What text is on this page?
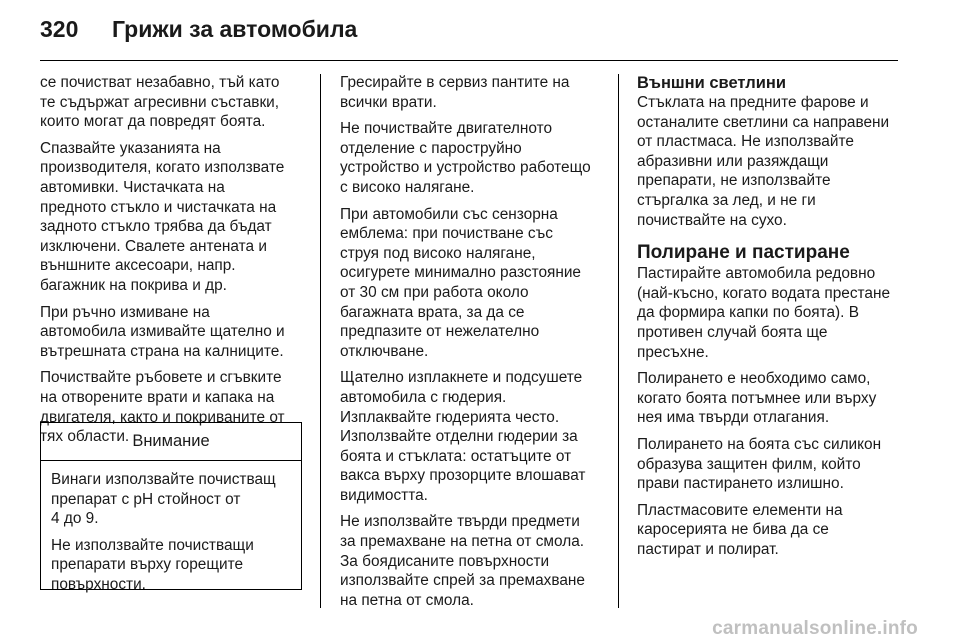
320	Грижи за автомобила

се почистват незабавно, тъй като
те съдържат агресивни съставки,
които могат да повредят боята.

Спазвайте указанията на
производителя, когато използвате
автомивки. Чистачката на
предното стъкло и чистачката на
задното стъкло трябва да бъдат
изключени. Свалете антената и
външните аксесоари, напр.
багажник на покрива и др.

При ръчно измиване на
автомобила измивайте щателно и
вътрешната страна на калниците.

Почиствайте ръбовете и сгъвките
на отворените врати и капака на
двигателя, както и покриваните от
тях области. Внимание

Винаги използвайте почистващ
препарат с pH стойност от
4 до 9.

Не използвайте почистващи
препарати върху горещите
повърхности.

Гресирайте в сервиз пантите на
всички врати.

Не почиствайте двигателното
отделение с пароструйно
устройство и устройство работещо
с високо налягане.

При автомобили със сензорна
емблема: при почистване със
струя под високо налягане,
осигурете минимално разстояние
от 30 см при работа около
багажната врата, за да се
предпазите от нежелателно
отключване.

Щателно изплакнете и подсушете
автомобила с гюдерия.
Изплаквайте гюдерията често.
Използвайте отделни гюдерии за
боята и стъклата: остатъците от
вакса върху прозорците влошават
видимостта.

Не използвайте твърди предмети
за премахване на петна от смола.
За боядисаните повърхности
използвайте спрей за премахване
на петна от смола.

Външни светлини

Стъклата на предните фарове и
останалите светлини са направени
от пластмаса. Не използвайте
абразивни или разяждащи
препарати, не използвайте
стъргалка за лед, и не ги
почиствайте на сухо.

Полиране и пастиране

Пастирайте автомобила редовно
(най-късно, когато водата престане
да формира капки по боята). В
противен случай боята ще
пресъхне.

Полирането е необходимо само,
когато боята потъмнее или върху
нея има твърди отлагания.

Полирането на боята със силикон
образува защитен филм, който
прави пастирането излишно.

Пластмасовите елементи на
каросерията не бива да се
пастират и полират.

carmanualsonline.info
